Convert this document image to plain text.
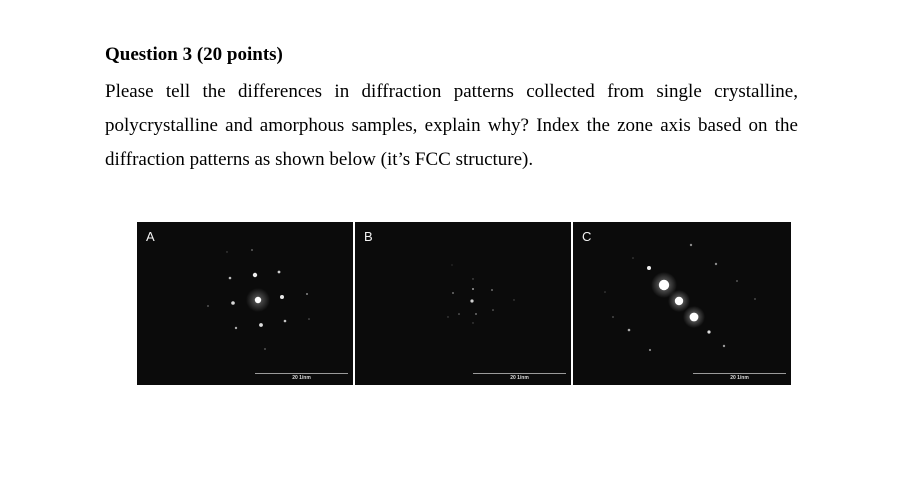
Question 3 (20 points)

Please tell the differences in diffraction patterns collected from single crystalline, polycrystalline and amorphous samples, explain why? Index the zone axis based on the diffraction patterns as shown below (it’s FCC structure).

A
20 1/nm
B
20 1/nm
C
20 1/nm
